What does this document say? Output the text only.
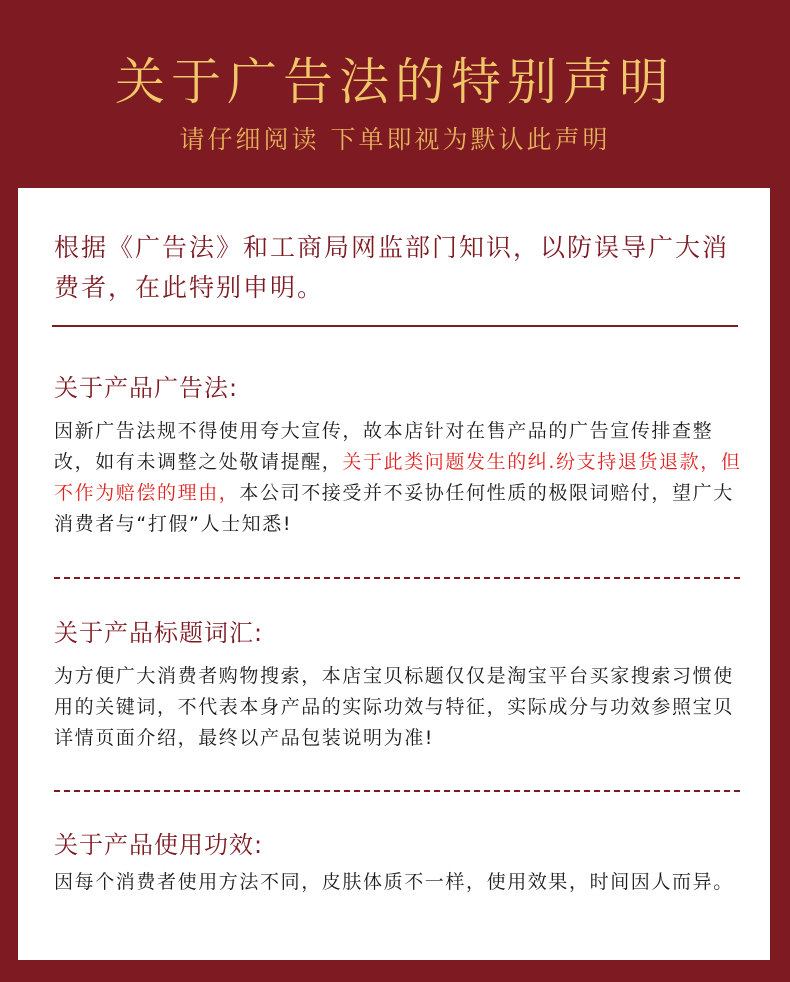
关于广告法的特别声明
请仔细阅读 下单即视为默认此声明
根据《广告法》和工商局网监部门知识，以防误导广大消费者，在此特别申明。
关于产品广告法:
因新广告法规不得使用夸大宣传，故本店针对在售产品的广告宣传排查整改，如有未调整之处敬请提醒，关于此类问题发生的纠.纷支持退货退款，但不作为赔偿的理由，本公司不接受并不妥协任何性质的极限词赔付，望广大消费者与“打假”人士知悉!
关于产品标题词汇:
为方便广大消费者购物搜索，本店宝贝标题仅仅是淘宝平台买家搜索习惯使用的关键词，不代表本身产品的实际功效与特征，实际成分与功效参照宝贝详情页面介绍，最终以产品包装说明为准!
关于产品使用功效:
因每个消费者使用方法不同，皮肤体质不一样，使用效果，时间因人而异。
